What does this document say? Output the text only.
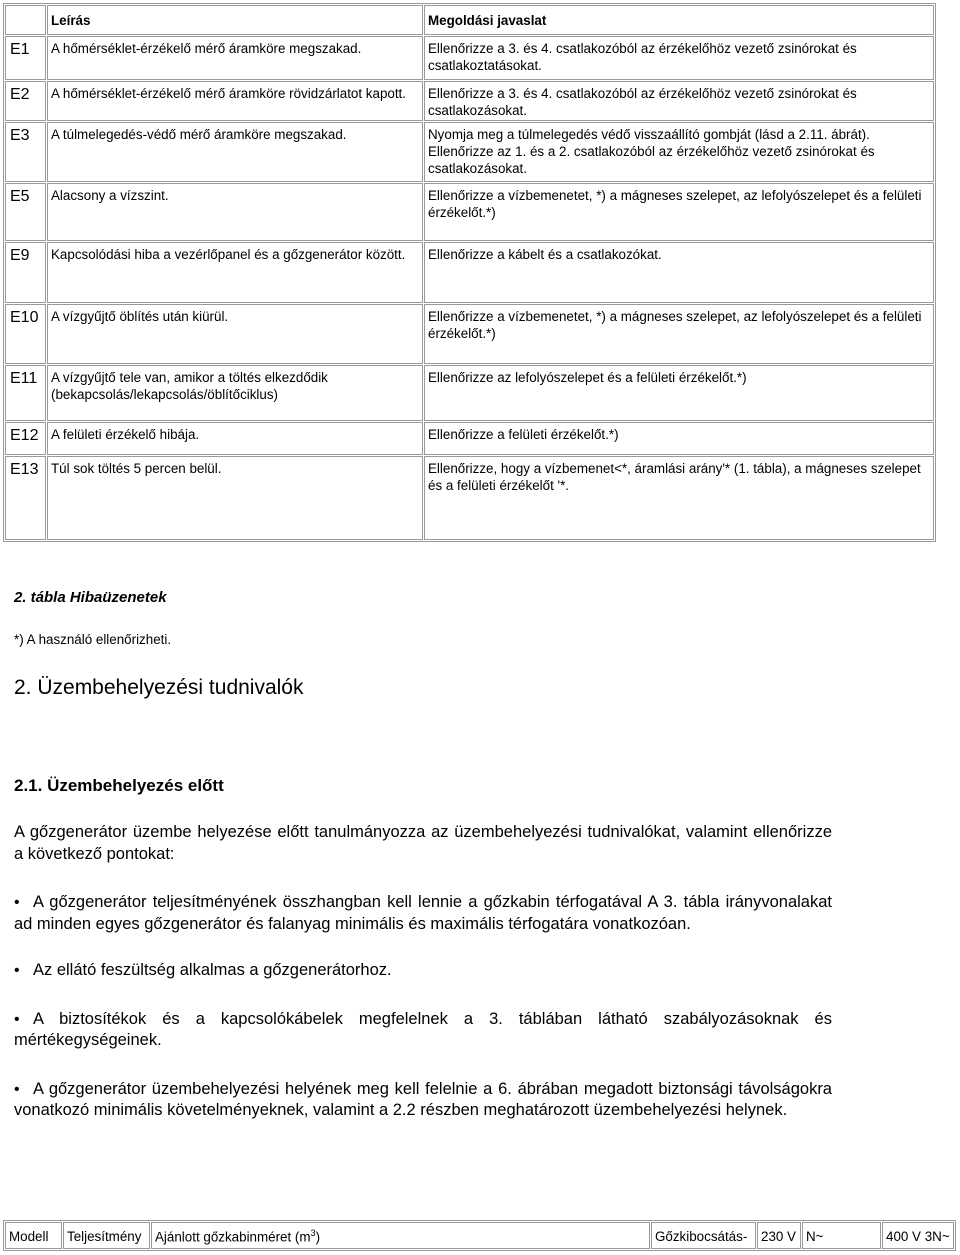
	Leírás	Megoldási javaslat
E1	A hőmérséklet-érzékelő mérő áramköre megszakad.	Ellenőrizze a 3. és 4. csatlakozóból az érzékelőhöz vezető zsinórokat és csatlakoztatásokat.
E2	A hőmérséklet-érzékelő mérő áramköre rövidzárlatot kapott.	Ellenőrizze a 3. és 4. csatlakozóból az érzékelőhöz vezető zsinórokat és csatlakozásokat.
E3	A túlmelegedés-védő mérő áramköre megszakad.	Nyomja meg a túlmelegedés védő visszaállító gombját (lásd a 2.11. ábrát). Ellenőrizze az 1. és a 2. csatlakozóból az érzékelőhöz vezető zsinórokat és csatlakozásokat.
E5	Alacsony a vízszint.	Ellenőrizze a vízbemenetet, *) a mágneses szelepet, az lefolyószelepet és a felületi érzékelőt.*)
E9	Kapcsolódási hiba a vezérlőpanel és a gőzgenerátor között.	Ellenőrizze a kábelt és a csatlakozókat.
E10	A vízgyűjtő öblítés után kiürül.	Ellenőrizze a vízbemenetet, *) a mágneses szelepet, az lefolyószelepet és a felületi érzékelőt.*)
E11	A vízgyűjtő tele van, amikor a töltés elkezdődik (bekapcsolás/lekapcsolás/öblítőciklus)	Ellenőrizze az lefolyószelepet és a felületi érzékelőt.*)
E12	A felületi érzékelő hibája.	Ellenőrizze a felületi érzékelőt.*)
E13	Túl sok töltés 5 percen belül.	Ellenőrizze, hogy a vízbemenet<*, áramlási arány'* (1. tábla), a mágneses szelepet és a felületi érzékelőt '*.
2. tábla Hibaüzenetek
*) A használó ellenőrizheti.
2. Üzembehelyezési tudnivalók
2.1. Üzembehelyezés előtt
A gőzgenerátor üzembe helyezése előtt tanulmányozza az üzembehelyezési tudnivalókat, valamint ellenőrizze a következő pontokat:
• A gőzgenerátor teljesítményének összhangban kell lennie a gőzkabin térfogatával A 3. tábla irányvonalakat ad minden egyes gőzgenerátor és falanyag minimális és maximális térfogatára vonatkozóan.
• Az ellátó feszültség alkalmas a gőzgenerátorhoz.
• A biztosítékok és a kapcsolókábelek megfelelnek a 3. táblában látható szabályozásoknak és mértékegységeinek.
• A gőzgenerátor üzembehelyezési helyének meg kell felelnie a 6. ábrában megadott biztonsági távolságokra vonatkozó minimális követelményeknek, valamint a 2.2 részben meghatározott üzembehelyezési helynek.
Modell	Teljesítmény	Ajánlott gőzkabinméret $(m^3)$	Gőzkibocsátás-	230 V	N~	400 V 3N~
